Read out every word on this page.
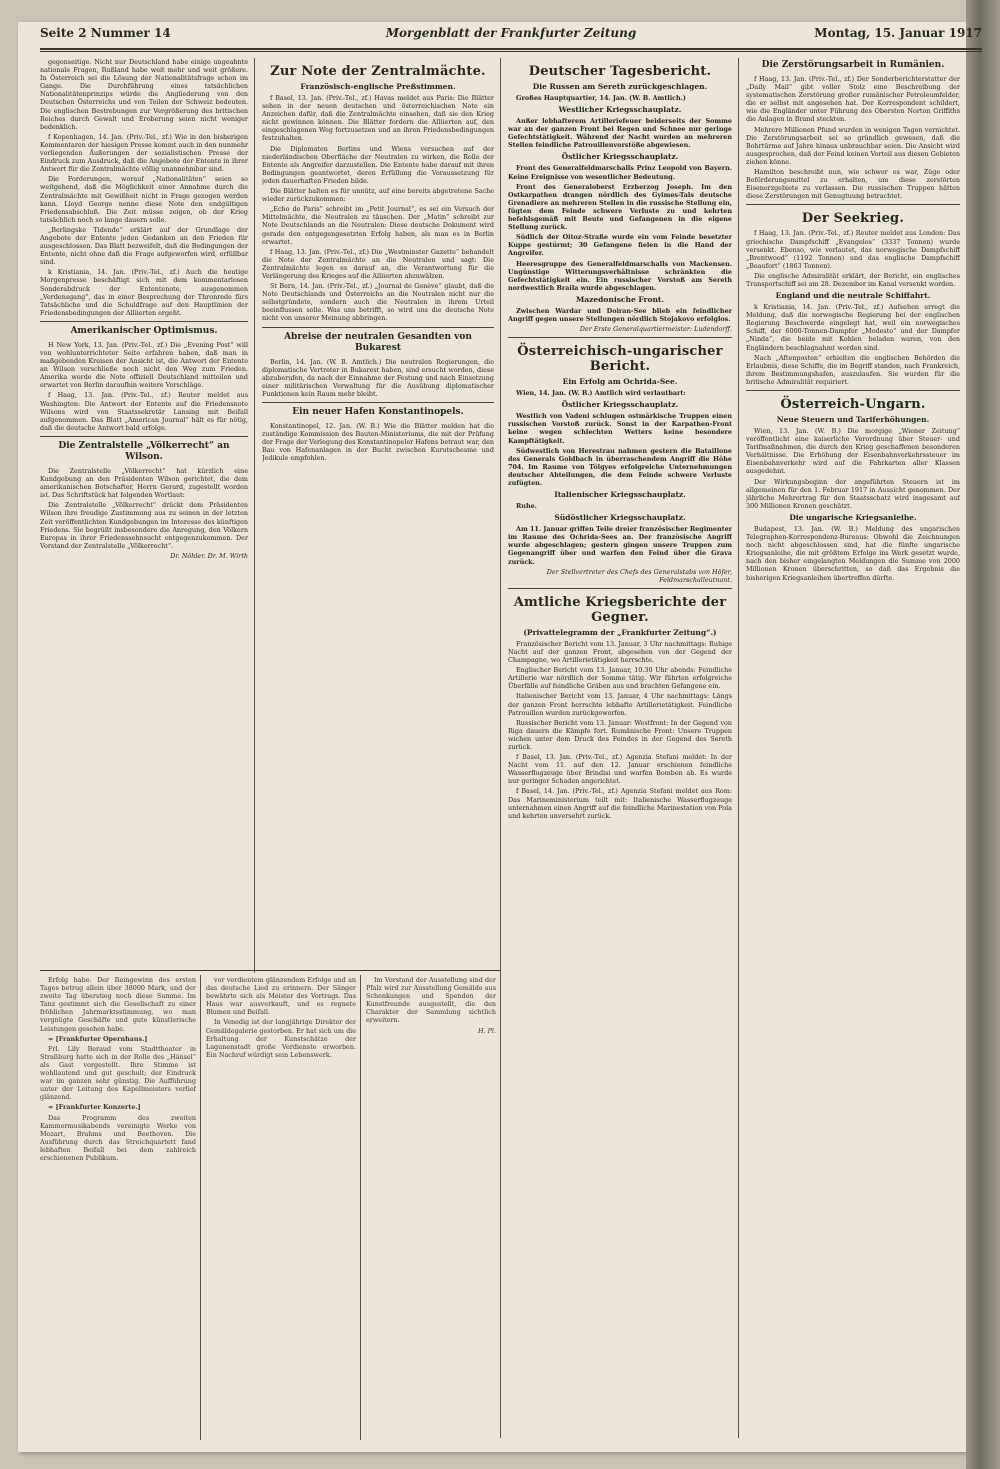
Seite 2 Nummer 14	Morgenblatt der Frankfurter Zeitung	Montag, 15. Januar 1917

gegenseitige. Nicht nur Deutschland habe einige ungeahnte nationale Fragen, Rußland habe weit mehr und weit größere. In Österreich sei die Lösung der Nationalitätsfrage schon im Gange. Die Durchführung eines tatsächlichen Nationalitätenprinzips würde die Angliederung von den Deutschen Österreichs und von Teilen der Schweiz bedeuten. Die englischen Bestrebungen zur Vergrößerung des britischen Reiches durch Gewalt und Eroberung seien nicht weniger bedenklich.

f Kopenhagen, 14. Jan. (Priv.-Tel., zf.) Wie in den bisherigen Kommentaren der hiesigen Presse kommt auch in den nunmehr vorliegenden Äußerungen der sozialistischen Presse der Eindruck zum Ausdruck, daß die Angebote der Entente in ihrer Antwort für die Zentralmächte völlig unannehmbar sind.

Die Forderungen, worauf „Nationalitäten“ seien so weitgehend, daß die Möglichkeit einer Annahme durch die Zentralmächte mit Gewißheit nicht in Frage gezogen werden kann. Lloyd George nenne diese Note den endgültigen Friedensabschluß. Die Zeit müsse zeigen, ob der Krieg tatsächlich noch so lange dauern solle.

„Berlingske Tidende“ erklärt auf der Grundlage der Angebote der Entente jeden Gedanken an den Frieden für ausgeschlossen. Das Blatt bezweifelt, daß die Bedingungen der Entente, nicht ohne daß die Frage aufgeworfen wird, erfüllbar sind.

k Kristiania, 14. Jan. (Priv.-Tel., zf.) Auch die heutige Morgenpresse beschäftigt sich mit dem kommentarlosen Sonderabdruck der Ententenote, ausgenommen „Verdensgang“, das in einer Besprechung der Thronrede fürs Tatsächliche und die Schuldfrage auf den Hauptlinien der Friedensbedingungen der Alliierten ergeht.

Amerikanischer Optimismus.

H New York, 13. Jan. (Priv.-Tel., zf.) Die „Evening Post“ will von wohlunterrichteter Seite erfahren haben, daß man in maßgebenden Kreisen der Ansicht ist, die Antwort der Entente an Wilson verschließe noch nicht den Weg zum Frieden. Amerika werde die Note offiziell Deutschland mitteilen und erwartet von Berlin daraufhin weitere Vorschläge.

f Haag, 13. Jan. (Priv.-Tel., zf.) Reuter meldet aus Washington: Die Antwort der Entente auf die Friedensnote Wilsons wird von Staatssekretär Lansing mit Beifall aufgenommen. Das Blatt „American Journal“ hält es für nötig, daß die deutsche Antwort bald erfolge.

Die Zentralstelle „Völkerrecht“ an Wilson.

Die Zentralstelle „Völkerrecht“ hat kürzlich eine Kundgebung an den Präsidenten Wilson gerichtet, die dem amerikanischen Botschafter, Herrn Gerard, zugestellt worden ist. Das Schriftstück hat folgenden Wortlaut:

Die Zentralstelle „Völkerrecht“ drückt dem Präsidenten Wilson ihre freudige Zustimmung aus zu seinen in der letzten Zeit veröffentlichten Kundgebungen im Interesse des künftigen Friedens. Sie begrüßt insbesondere die Anregung, den Völkern Europas in ihrer Friedenssehnsucht entgegenzukommen. Der Vorstand der Zentralstelle „Völkerrecht“.

Dr. Nöhler. Dr. M. Wirth

Zur Note der Zentralmächte.
Französisch-englische Preßstimmen.

f Basel, 13. Jan. (Priv.-Tel., zf.) Havas meldet aus Paris: Die Blätter sehen in der neuen deutschen und österreichischen Note ein Anzeichen dafür, daß die Zentralmächte einsehen, daß sie den Krieg nicht gewinnen können. Die Blätter fordern die Alliierten auf, den eingeschlagenen Weg fortzusetzen und an ihren Friedensbedingungen festzuhalten.

Die Diplomaten Berlins und Wiens versuchen auf der niederländischen Oberfläche der Neutralen zu wirken, die Rolle der Entente als Angreifer darzustellen. Die Entente habe darauf mit ihren Bedingungen geantwortet, deren Erfüllung die Voraussetzung für jeden dauerhaften Frieden bilde.

Die Blätter halten es für unnütz, auf eine bereits abgetretene Sache wieder zurückzukommen:

„Echo de Paris“ schreibt im „Petit Journal“, es sei ein Versuch der Mittelmächte, die Neutralen zu täuschen. Der „Matin“ schreibt zur Note Deutschlands an die Neutralen: Diese deutsche Dokument wird gerade den entgegengesetzten Erfolg haben, als man es in Berlin erwartet.

f Haag, 13. Jan. (Priv.-Tel., zf.) Die „Westminster Gazette“ behandelt die Note der Zentralmächte an die Neutralen und sagt: Die Zentralmächte legen es darauf an, die Verantwortung für die Verlängerung des Krieges auf die Alliierten abzuwälzen.

St Bern, 14. Jan. (Priv.-Tel., zf.) „Journal de Genève“ glaubt, daß die Note Deutschlands und Österreichs an die Neutralen nicht nur die selbstgründete, sondern auch die Neutralen in ihrem Urteil beeinflussen solle. Was uns betrifft, so wird uns die deutsche Note nicht von unserer Meinung abbringen.

Abreise der neutralen Gesandten von Bukarest

Berlin, 14. Jan. (W. B. Amtlich.) Die neutralen Regierungen, die diplomatische Vertreter in Bukarest haben, sind ersucht worden, diese abzuberufen, da nach der Einnahme der Festung und nach Einsetzung einer militärischen Verwaltung für die Ausübung diplomatischer Funktionen kein Raum mehr bleibt.

Ein neuer Hafen Konstantinopels.

Konstantinopel, 12. Jan. (W. B.) Wie die Blätter melden hat die zuständige Kommission des Bauten-Ministeriums, die mit der Prüfung der Frage der Verlegung des Konstantinopeler Hafens betraut war, den Bau von Hafenanlagen in der Bucht zwischen Kurutschesme und Jedikule empfohlen.

Deutscher Tagesbericht.
Die Russen am Sereth zurückgeschlagen.

Großes Hauptquartier, 14. Jan. (W. B. Amtlich.)

Westlicher Kriegsschauplatz.

Außer lebhafterem Artilleriefeuer beiderseits der Somme war an der ganzen Front bei Regen und Schnee nur geringe Gefechtstätigkeit. Während der Nacht wurden an mehreren Stellen feindliche Patrouillenvorstöße abgewiesen.

Östlicher Kriegsschauplatz.

Front des Generalfeldmarschalls Prinz Leopold von Bayern. Keine Ereignisse von wesentlicher Bedeutung.

Front des Generaloberst Erzherzog Joseph. Im den Ostkarpathen drangen nördlich des Gyimes-Tals deutsche Grenadiere an mehreren Stellen in die russische Stellung ein, fügten dem Feinde schwere Verluste zu und kehrten befehlsgemäß mit Beute und Gefangenen in die eigene Stellung zurück.

Südlich der Oitoz-Straße wurde ein vom Feinde besetzter Kuppe gestürmt; 30 Gefangene fielen in die Hand der Angreifer.

Heeresgruppe des Generalfeldmarschalls von Mackensen. Ungünstige Witterungsverhältnisse schränkten die Gefechtstätigkeit ein. Ein russischer Vorstoß am Sereth nordwestlich Braila wurde abgeschlagen.

Mazedonische Front.

Zwischen Wardar und Doiran-See blieb ein feindlicher Angriff gegen unsere Stellungen nördlich Stojakovo erfolglos.

Der Erste Generalquartiermeister: Ludendorff.

Österreichisch-ungarischer Bericht.
Ein Erfolg am Ochrida-See.

Wien, 14. Jan. (W. B.) Amtlich wird verlautbart:

Östlicher Kriegsschauplatz.

Westlich von Vadeni schlugen ostmärkische Truppen einen russischen Vorstoß zurück. Sonst in der Karpathen-Front keine wegen schlechten Wetters keine besondere Kampftätigkeit.

Südwestlich von Herestrau nahmen gestern die Bataillone des Generals Goldbach in überraschendem Angriff die Höhe 704. Im Raume von Tölgyes erfolgreiche Unternehmungen deutscher Abteilungen, die dem Feinde schwere Verluste zufügten.

Italienischer Kriegsschauplatz.

Ruhe.

Südöstlicher Kriegsschauplatz.

Am 11. Januar griffen Teile dreier französischer Regimenter im Raume des Ochrida-Sees an. Der französische Angriff wurde abgeschlagen; gestern gingen unsere Truppen zum Gegenangriff über und warfen den Feind über die Grava zurück.

Der Stellvertreter des Chefs des Generalstabs von Höfer, Feldmarschalleutnant.

Amtliche Kriegsberichte der Gegner.
(Privattelegramm der „Frankfurter Zeitung“.)

Französischer Bericht vom 13. Januar, 3 Uhr nachmittags: Ruhige Nacht auf der ganzen Front, abgesehen von der Gegend der Champagne, wo Artillerietätigkeit herrschte.

Englischer Bericht vom 13. Januar, 10.30 Uhr abends: Feindliche Artillerie war nördlich der Somme tätig. Wir führten erfolgreiche Überfälle auf feindliche Gräben aus und brachten Gefangene ein.

Italienischer Bericht vom 13. Januar, 4 Uhr nachmittags: Längs der ganzen Front herrschte lebhafte Artillerietätigkeit. Feindliche Patrouillen wurden zurückgeworfen.

Russischer Bericht vom 13. Januar: Westfront: In der Gegend von Riga dauern die Kämpfe fort. Rumänische Front: Unsere Truppen wichen unter dem Druck des Feindes in der Gegend des Sereth zurück.

f Basel, 13. Jan. (Priv.-Tel., zf.) Agenzia Stefani meldet: In der Nacht vom 11. auf den 12. Januar erschienen feindliche Wasserflugzeuge über Brindisi und warfen Bomben ab. Es wurde nur geringer Schaden angerichtet.

f Basel, 14. Jan. (Priv.-Tel., zf.) Agenzia Stefani meldet aus Rom: Das Marineministerium teilt mit: Italienische Wasserflugzeuge unternahmen einen Angriff auf die feindliche Marinestation von Pola und kehrten unversehrt zurück.

Die Zerstörungsarbeit in Rumänien.

f Haag, 13. Jan. (Priv.-Tel., zf.) Der Sonderberichterstatter der „Daily Mail“ gibt voller Stolz eine Beschreibung der systematischen Zerstörung großer rumänischer Petroleumfelder, die er selbst mit angesehen hat. Der Korrespondent schildert, wie die Engländer unter Führung des Obersten Norton Griffiths die Anlagen in Brand steckten.

Mehrere Millionen Pfund wurden in wenigen Tagen vernichtet. Die Zerstörungsarbeit sei so gründlich gewesen, daß die Bohrtürme auf Jahre hinaus unbrauchbar seien. Die Ansicht wird ausgesprochen, daß der Feind keinen Vorteil aus diesen Gebieten ziehen könne.

Hamilton beschreibt nun, wie schwer es war, Züge oder Beförderungsmittel zu erhalten, um diese zerstörten Eisenerzgebiete zu verlassen. Die russischen Truppen hätten diese Zerstörungen mit Genugtuung betrachtet.

Der Seekrieg.

f Haag, 13. Jan. (Priv.-Tel., zf.) Reuter meldet aus London: Das griechische Dampfschiff „Evangelos“ (3337 Tonnen) wurde versenkt. Ebenso, wie verlautet, das norwegische Dampfschiff „Brentwood“ (1192 Tonnen) und das englische Dampfschiff „Beaufort“ (1863 Tonnen).

Die englische Admiralität erklärt, der Bericht, ein englisches Transportschiff sei am 28. Dezember im Kanal versenkt worden.

England und die neutrale Schiffahrt.

k Kristiania, 14. Jan. (Priv.-Tel., zf.) Aufsehen erregt die Meldung, daß die norwegische Regierung bei der englischen Regierung Beschwerde eingelegt hat, weil ein norwegisches Schiff, der 6000-Tonnen-Dampfer „Modesto“ und der Dampfer „Ninda“, die beide mit Kohlen beladen waren, von den Engländern beschlagnahmt worden sind.

Nach „Aftenposten“ erhielten die englischen Behörden die Erlaubnis, diese Schiffe, die im Begriff standen, nach Frankreich, ihrem Bestimmungshafen, auszulaufen. Sie wurden für die britische Admiralität requiriert.

Österreich-Ungarn.
Neue Steuern und Tariferhöhungen.

Wien, 13. Jan. (W. B.) Die morgige „Wiener Zeitung“ veröffentlicht eine kaiserliche Verordnung über Steuer- und Tarifmaßnahmen, die durch den Krieg geschaffenen besonderen Verhältnisse. Die Erhöhung der Eisenbahnverkehrssteuer im Eisenbahnverkehr wird auf die Fahrkarten aller Klassen ausgedehnt.

Der Wirkungsbeginn der angeführten Steuern ist im allgemeinen für den 1. Februar 1917 in Aussicht genommen. Der jährliche Mehrertrag für den Staatsschatz wird insgesamt auf 300 Millionen Kronen geschätzt.

Die ungarische Kriegsanleihe.

Budapest, 13. Jan. (W. B.) Meldung des ungarischen Telegraphen-Korrespondenz-Bureaus: Obwohl die Zeichnungen noch nicht abgeschlossen sind, hat die fünfte ungarische Kriegsanleihe, die mit größtem Erfolge ins Werk gesetzt wurde, nach den bisher eingelangten Meldungen die Summe von 2000 Millionen Kronen überschritten, so daß das Ergebnis die bisherigen Kriegsanleihen übertreffen dürfte.

Erfolg habe. Der Reingewinn des ersten Tages betrug allein über 38000 Mark, und der zweite Tag überstieg noch diese Summe. Im Tanz gestimmt sich die Gesellschaft zu einer fröhlichen Jahrmarktsstimmung, wo man vergnügte Geschäfte und gute künstlerische Leistungen gesehen habe.

= [Frankfurter Opernhaus.]

Frl. Lily Beraud vom Stadttheater in Straßburg hatte sich in der Rolle des „Hänsel“ als Gast vorgestellt. Ihre Stimme ist wohllautend und gut geschult; der Eindruck war im ganzen sehr günstig. Die Aufführung unter der Leitung des Kapellmeisters verlief glänzend.

= [Frankfurter Konzerte.]

Das Programm des zweiten Kammermusikabends vereinigte Werke von Mozart, Brahms und Beethoven. Die Ausführung durch das Streichquartett fand lebhaften Beifall bei dem zahlreich erschienenen Publikum.

vor verdientem glänzendem Erfolge und an das deutsche Lied zu erinnern. Der Sänger bewährte sich als Meister des Vortrags. Das Haus war ausverkauft, und es regnete Blumen und Beifall.

In Venedig ist der langjährige Direktor der Gemäldegalerie gestorben. Er hat sich um die Erhaltung der Kunstschätze der Lagunenstadt große Verdienste erworben. Ein Nachruf würdigt sein Lebenswerk.

Im Vorstand der Ausstellung sind der Pfalz wird zur Ausstellung Gemälde aus Schenkungen und Spenden der Kunstfreunde ausgestellt, die den Charakter der Sammlung sichtlich erweitern.

H. Pl.
